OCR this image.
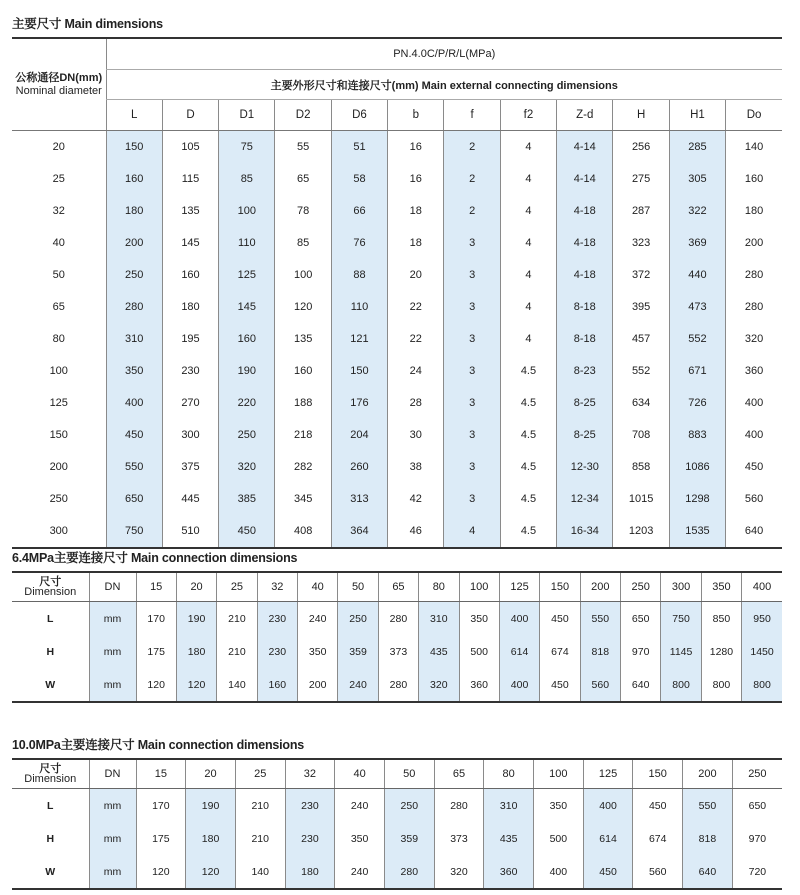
主要尺寸 Main dimensions
公称通径DN(mm)
Nominal diameter	PN.4.0C/P/R/L(MPa)											
	主要外形尺寸和连接尺寸(mm) Main external connecting dimensions											
	L	D	D1	D2	D6	b	f	f2	Z-d	H	H1	Do
20	150	105	75	55	51	16	2	4	4-14	256	285	140
25	160	115	85	65	58	16	2	4	4-14	275	305	160
32	180	135	100	78	66	18	2	4	4-18	287	322	180
40	200	145	110	85	76	18	3	4	4-18	323	369	200
50	250	160	125	100	88	20	3	4	4-18	372	440	280
65	280	180	145	120	110	22	3	4	8-18	395	473	280
80	310	195	160	135	121	22	3	4	8-18	457	552	320
100	350	230	190	160	150	24	3	4.5	8-23	552	671	360
125	400	270	220	188	176	28	3	4.5	8-25	634	726	400
150	450	300	250	218	204	30	3	4.5	8-25	708	883	400
200	550	375	320	282	260	38	3	4.5	12-30	858	1086	450
250	650	445	385	345	313	42	3	4.5	12-34	1015	1298	560
300	750	510	450	408	364	46	4	4.5	16-34	1203	1535	640
6.4MPa主要连接尺寸 Main connection dimensions
尺寸
Dimension	DN	15	20	25	32	40	50	65	80	100	125	150	200	250	300	350	400
L	mm	170	190	210	230	240	250	280	310	350	400	450	550	650	750	850	950
H	mm	175	180	210	230	350	359	373	435	500	614	674	818	970	1145	1280	1450
W	mm	120	120	140	160	200	240	280	320	360	400	450	560	640	800	800	800
10.0MPa主要连接尺寸 Main connection dimensions
尺寸
Dimension	DN	15	20	25	32	40	50	65	80	100	125	150	200	250
L	mm	170	190	210	230	240	250	280	310	350	400	450	550	650
H	mm	175	180	210	230	350	359	373	435	500	614	674	818	970
W	mm	120	120	140	180	240	280	320	360	400	450	560	640	720
